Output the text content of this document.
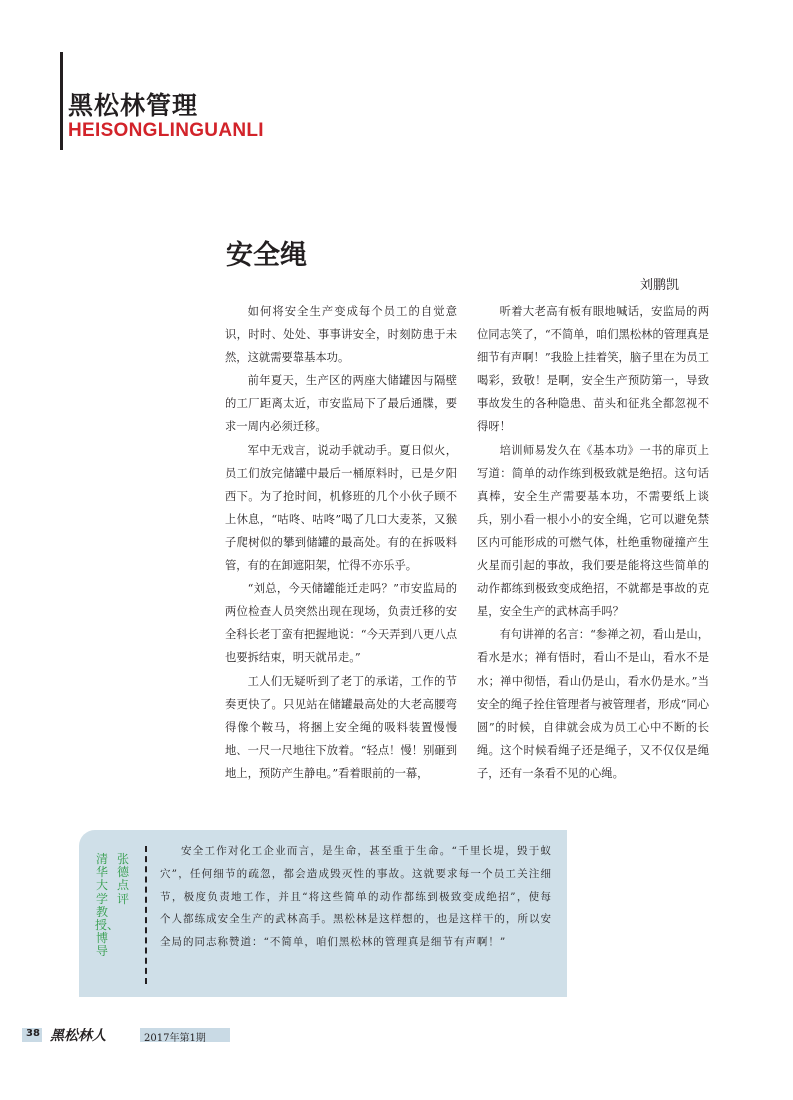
黑松林管理
HEISONGLINGUANLI
安全绳
刘鹏凯

如何将安全生产变成每个员工的自觉意识，时时、处处、事事讲安全，时刻防患于未然，这就需要靠基本功。

前年夏天，生产区的两座大储罐因与隔壁的工厂距离太近，市安监局下了最后通牒，要求一周内必须迁移。

军中无戏言，说动手就动手。夏日似火，员工们放完储罐中最后一桶原料时，已是夕阳西下。为了抢时间，机修班的几个小伙子顾不上休息，“咕咚、咕咚”喝了几口大麦茶，又猴子爬树似的攀到储罐的最高处。有的在拆吸料管，有的在卸遮阳架，忙得不亦乐乎。

“刘总，今天储罐能迁走吗？”市安监局的两位检查人员突然出现在现场，负责迁移的安全科长老丁蛮有把握地说：“今天弄到八更八点也要拆结束，明天就吊走。”

工人们无疑听到了老丁的承诺，工作的节奏更快了。只见站在储罐最高处的大老高腰弯得像个鞍马，将捆上安全绳的吸料装置慢慢地、一尺一尺地往下放着。“轻点！慢！别砸到地上，预防产生静电。”看着眼前的一幕，

听着大老高有板有眼地喊话，安监局的两位同志笑了，“不简单，咱们黑松林的管理真是细节有声啊！”我脸上挂着笑，脑子里在为员工喝彩，致敬！是啊，安全生产预防第一，导致事故发生的各种隐患、苗头和征兆全都忽视不得呀！

培训师易发久在《基本功》一书的扉页上写道：简单的动作练到极致就是绝招。这句话真棒，安全生产需要基本功，不需要纸上谈兵，别小看一根小小的安全绳，它可以避免禁区内可能形成的可燃气体，杜绝重物碰撞产生火星而引起的事故，我们要是能将这些简单的动作都练到极致变成绝招，不就都是事故的克星，安全生产的武林高手吗？

有句讲禅的名言：“参禅之初，看山是山，看水是水；禅有悟时，看山不是山，看水不是水；禅中彻悟，看山仍是山，看水仍是水。”当安全的绳子拴住管理者与被管理者，形成“同心圆”的时候，自律就会成为员工心中不断的长绳。这个时候看绳子还是绳子，又不仅仅是绳子，还有一条看不见的心绳。

张德点评
清华大学教授、博导

安全工作对化工企业而言，是生命，甚至重于生命。“千里长堤，毁于蚁穴”，任何细节的疏忽，都会造成毁灭性的事故。这就要求每一个员工关注细节，极度负责地工作，并且“将这些简单的动作都练到极致变成绝招”，使每个人都练成安全生产的武林高手。黑松林是这样想的，也是这样干的，所以安全局的同志称赞道：“不简单，咱们黑松林的管理真是细节有声啊！”

38 黑松林人	2017年第1期
